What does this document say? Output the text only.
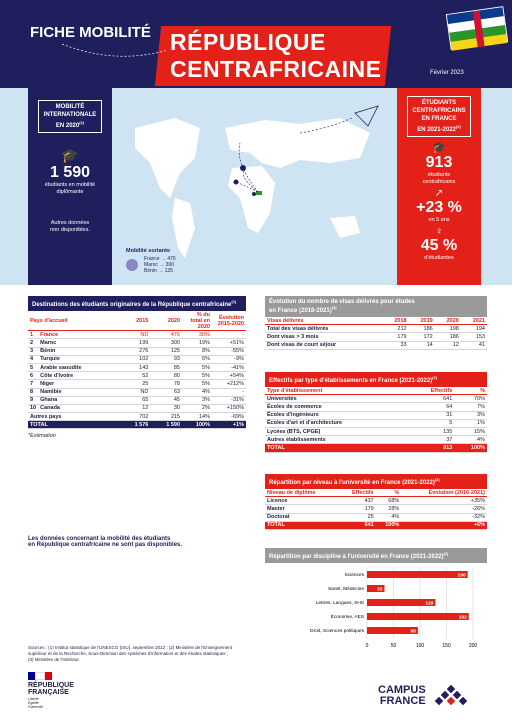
FICHE MOBILITÉ RÉPUBLIQUE
CENTRAFRICAINE	Février 2023
MOBILITÉ
INTERNATIONALE
EN 2020$^{(1)}$
🎓
1 590
étudiants en mobilité
diplômante
Autres données
non disponibles.
ÉTUDIANTS
CENTRAFRICAINS
EN FRANCE
EN 2021-2022$^{(2)}$
🎓
913
étudiants
centrafricains
↗
+23 %
en 5 ans
♀
45 %
d'étudiantes
Mobilité sortante
France → 476
Maroc → 300
Bénin → 125
Destinations des étudiants originaires de la République centrafricaine$^{(1)}$
Pays d'accueil		2015	2020	% du total en 2020	Évolution 2015-2020
1	France	ND	476	30%	-
2	Maroc	199	300	19%	+51%
3	Bénin	276	125	8%	-55%
4	Turquie	102	93	6%	-9%
5	Arabie saoudite	143	85	5%	-41%
6	Côte d'Ivoire	52	80	5%	+54%
7	Niger	25	78	5%	+212%
8	Namibie	ND	63	4%	-
9	Ghana	65	45	3%	-31%
10	Canada	12	30	2%	+150%
Autres pays		702	215	14%	-69%
TOTAL		1 576	1 590	100%	+1%
*Estimation
Évolution du nombre de visas délivrés pour études
en France (2018-2021)$^{(3)}$
Visas délivrés	2018	2019	2020	2021
Total des visas délivrés	212	186	198	194
Dont visas > 3 mois	179	172	186	153
Dont visas de court séjour	33	14	12	41
Effectifs par type d'établissements en France (2021-2022)$^{(2)}$
Type d'établissement	Effectifs	%
Universités	641	70%
Écoles de commerce	64	7%
Écoles d'ingénieurs	31	3%
Écoles d'art et d'architecture	5	1%
Lycées (BTS, CPGE)	135	15%
Autres établissements	37	4%
TOTAL	913	100%
Répartition par niveau à l'université en France (2021-2022)$^{(2)}$
Niveau de diplôme	Effectifs	%	Évolution (2016-2021)
Licence	437	68%	+35%
Master	179	28%	-26%
Doctorat	25	4%	-32%
TOTAL	641	100%	+6%
Les données concernant la mobilité des étudiants
en République centrafricaine ne sont pas disponibles.
Répartition par discipline à l'université en France (2021-2022)$^{(2)}$
0	50	100	150	200
Sciences	190
Santé, Médecine	33
Lettres, Langues, SHS	129
Économie, AES	192
Droit, Sciences politiques	96
Sources : (1) Institut statistique de l'UNESCO (ISU), septembre 2022 ; (2) Ministère de l'Enseignement
supérieur et de la Recherche, Sous-Direction des systèmes d'information et des études statistiques ;
(3) Ministère de l'Intérieur.
RÉPUBLIQUE
FRANÇAISE
Liberté
Égalité
Fraternité
CAMPUS
FRANCE
